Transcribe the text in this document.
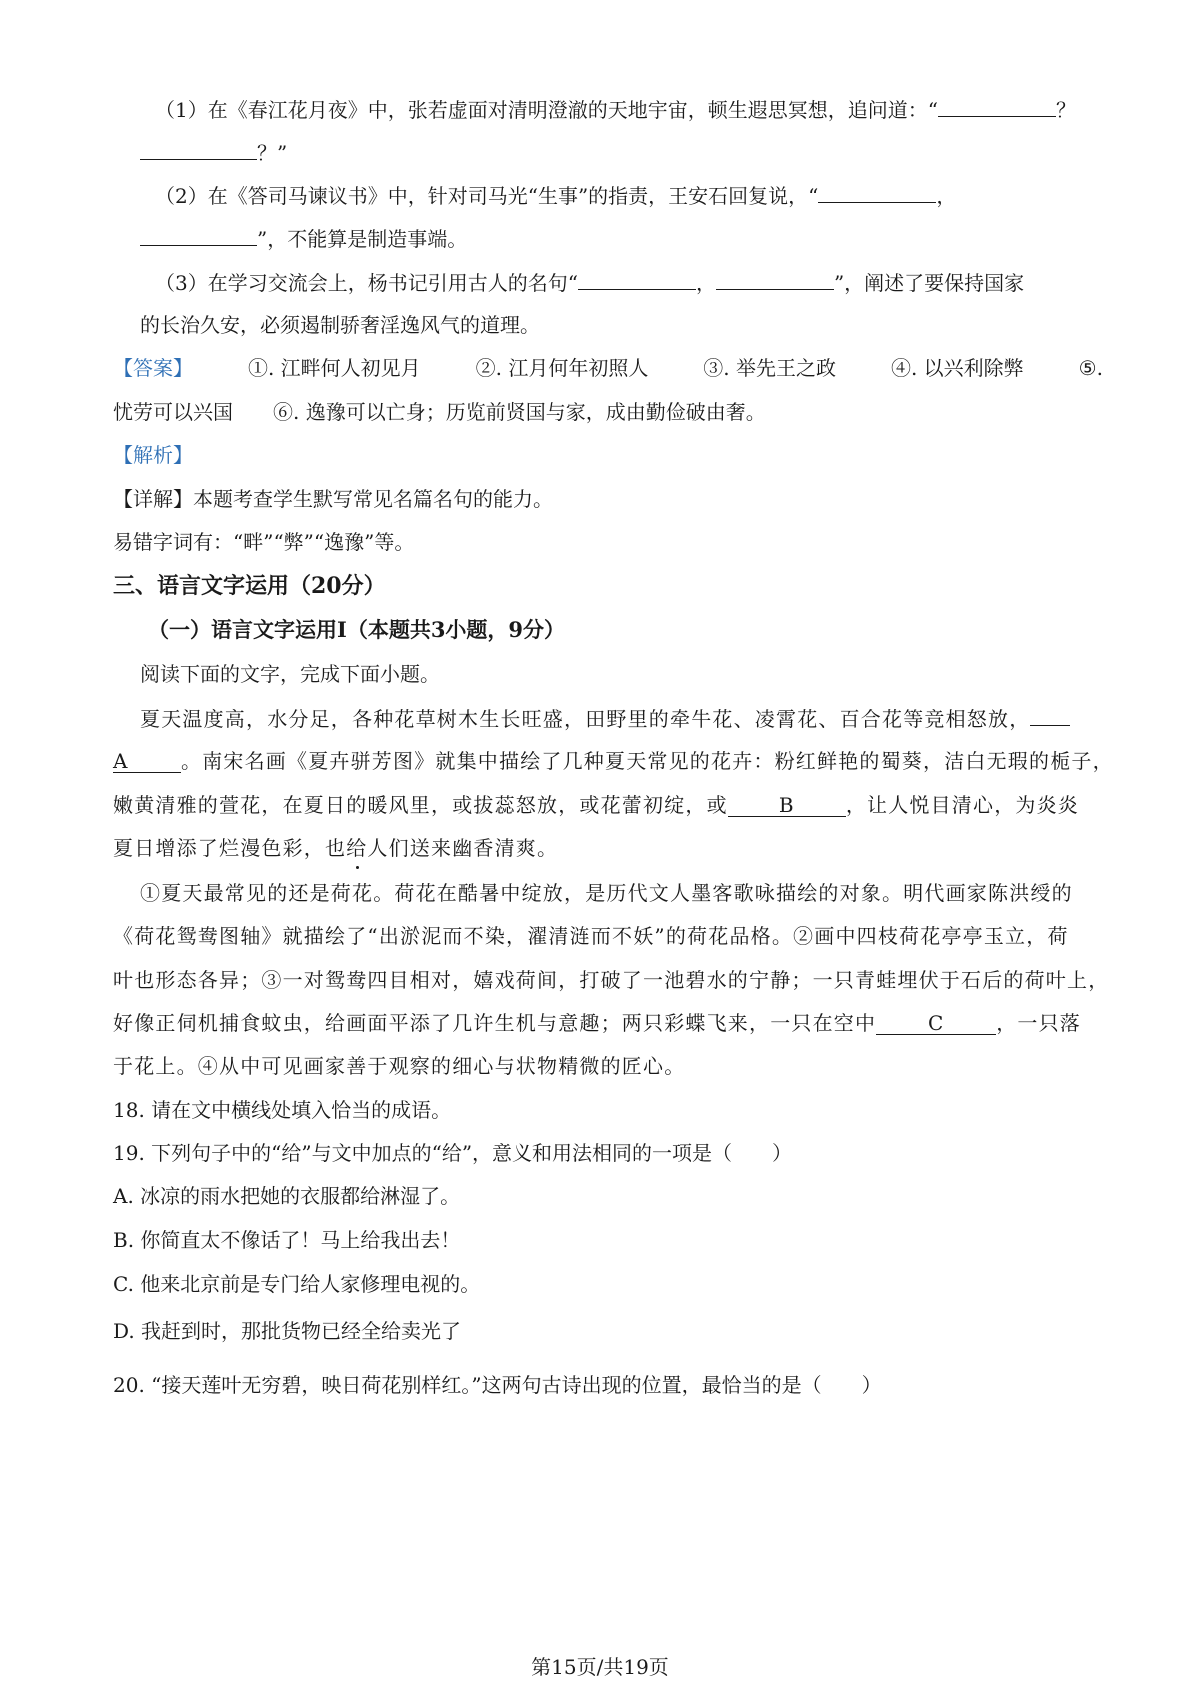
（1）在《春江花月夜》中，张若虚面对清明澄澈的天地宇宙，顿生遐思冥想，追问道：“	？
？”
（2）在《答司马谏议书》中，针对司马光“生事”的指责，王安石回复说，“	，
”，不能算是制造事端。
（3）在学习交流会上，杨书记引用古人的名句“	，	”，阐述了要保持国家
的长治久安，必须遏制骄奢淫逸风气的道理。
【答案】	①. 江畔何人初见月	②. 江月何年初照人	③. 举先王之政	④. 以兴利除弊	⑤.
忧劳可以兴国　　⑥. 逸豫可以亡身；历览前贤国与家，成由勤俭破由奢。
【解析】
【详解】本题考查学生默写常见名篇名句的能力。
易错字词有：“畔”“弊”“逸豫”等。
三、语言文字运用（20分）
（一）语言文字运用Ⅰ（本题共3小题，9分）
阅读下面的文字，完成下面小题。
夏天温度高，水分足，各种花草树木生长旺盛，田野里的牵牛花、凌霄花、百合花等竞相怒放，
A	。南宋名画《夏卉骈芳图》就集中描绘了几种夏天常见的花卉：粉红鲜艳的蜀葵，洁白无瑕的栀子，
嫩黄清雅的萱花，在夏日的暖风里，或拔蕊怒放，或花蕾初绽，或	B	，让人悦目清心，为炎炎
夏日增添了烂漫色彩，也给人们送来幽香清爽。
①夏天最常见的还是荷花。荷花在酷暑中绽放，是历代文人墨客歌咏描绘的对象。明代画家陈洪绶的
《荷花鸳鸯图轴》就描绘了“出淤泥而不染，濯清涟而不妖”的荷花品格。②画中四枝荷花亭亭玉立，荷
叶也形态各异；③一对鸳鸯四目相对，嬉戏荷间，打破了一池碧水的宁静；一只青蛙埋伏于石后的荷叶上，
好像正伺机捕食蚊虫，给画面平添了几许生机与意趣；两只彩蝶飞来，一只在空中	C	，一只落
于花上。④从中可见画家善于观察的细心与状物精微的匠心。
18. 请在文中横线处填入恰当的成语。
19. 下列句子中的“给”与文中加点的“给”，意义和用法相同的一项是（　　）
A. 冰凉的雨水把她的衣服都给淋湿了。
B. 你简直太不像话了！马上给我出去！
C. 他来北京前是专门给人家修理电视的。
D. 我赶到时，那批货物已经全给卖光了
20. “接天莲叶无穷碧，映日荷花别样红。”这两句古诗出现的位置，最恰当的是（　　）
第15页/共19页
